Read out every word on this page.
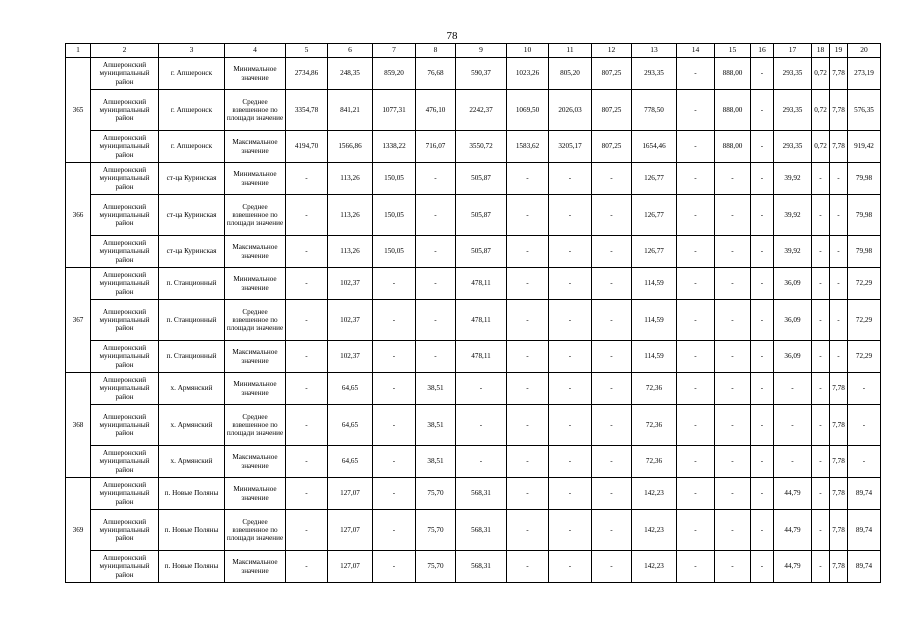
78
1	2	3	4	5	6	7	8	9	10	11	12	13	14	15	16	17	18	19	20
365	Апшеронский муниципальный район	г. Апшеронск	Минимальное значение	2734,86	248,35	859,20	76,68	590,37	1023,26	805,20	807,25	293,35	-	888,00	-	293,35	0,72	7,78	273,19
	Апшеронский муниципальный район	г. Апшеронск	Среднее взвешенное по площади значение	3354,78	841,21	1077,31	476,10	2242,37	1069,50	2026,03	807,25	778,50	-	888,00	-	293,35	0,72	7,78	576,35
	Апшеронский муниципальный район	г. Апшеронск	Максимальное значение	4194,70	1566,86	1338,22	716,07	3550,72	1583,62	3205,17	807,25	1654,46	-	888,00	-	293,35	0,72	7,78	919,42
366	Апшеронский муниципальный район	ст-ца Куринская	Минимальное значение	-	113,26	150,05	-	505,87	-	-	-	126,77	-	-	-	39,92	-	-	79,98
	Апшеронский муниципальный район	ст-ца Куринская	Среднее взвешенное по площади значение	-	113,26	150,05	-	505,87	-	-	-	126,77	-	-	-	39,92	-	-	79,98
	Апшеронский муниципальный район	ст-ца Куринская	Максимальное значение	-	113,26	150,05	-	505,87	-	-	-	126,77	-	-	-	39,92	-	-	79,98
367	Апшеронский муниципальный район	п. Станционный	Минимальное значение	-	102,37	-	-	478,11	-	-	-	114,59	-	-	-	36,09	-	-	72,29
	Апшеронский муниципальный район	п. Станционный	Среднее взвешенное по площади значение	-	102,37	-	-	478,11	-	-	-	114,59	-	-	-	36,09	-	-	72,29
	Апшеронский муниципальный район	п. Станционный	Максимальное значение	-	102,37	-	-	478,11	-	-	-	114,59	-	-	-	36,09	-	-	72,29
368	Апшеронский муниципальный район	х. Армянский	Минимальное значение	-	64,65	-	38,51	-	-	-	-	72,36	-	-	-	-	-	7,78	-
	Апшеронский муниципальный район	х. Армянский	Среднее взвешенное по площади значение	-	64,65	-	38,51	-	-	-	-	72,36	-	-	-	-	-	7,78	-
	Апшеронский муниципальный район	х. Армянский	Максимальное значение	-	64,65	-	38,51	-	-	-	-	72,36	-	-	-	-	-	7,78	-
369	Апшеронский муниципальный район	п. Новые Поляны	Минимальное значение	-	127,07	-	75,70	568,31	-	-	-	142,23	-	-	-	44,79	-	7,78	89,74
	Апшеронский муниципальный район	п. Новые Поляны	Среднее взвешенное по площади значение	-	127,07	-	75,70	568,31	-	-	-	142,23	-	-	-	44,79	-	7,78	89,74
	Апшеронский муниципальный район	п. Новые Поляны	Максимальное значение	-	127,07	-	75,70	568,31	-	-	-	142,23	-	-	-	44,79	-	7,78	89,74
